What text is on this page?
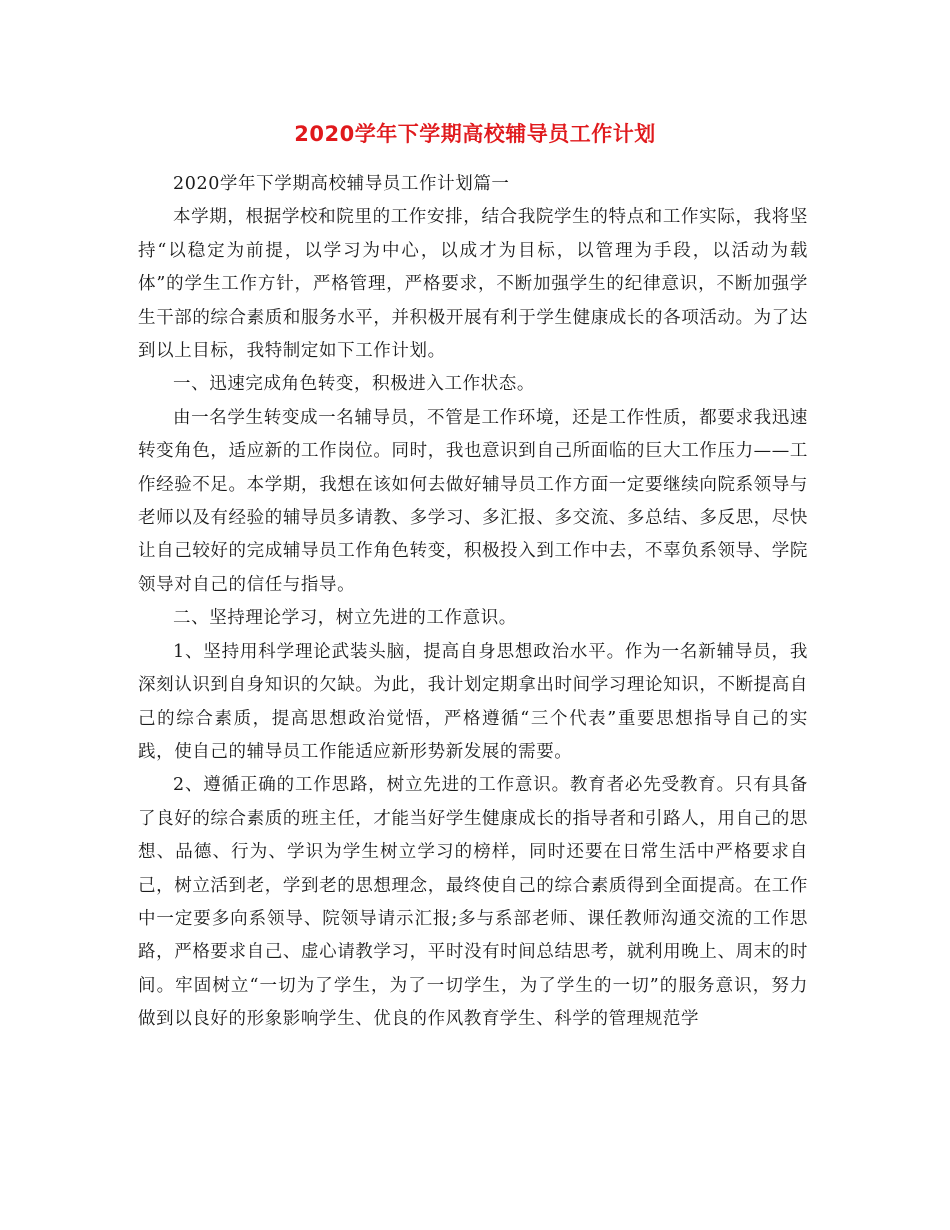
2020学年下学期高校辅导员工作计划

2020学年下学期高校辅导员工作计划篇一

本学期，根据学校和院里的工作安排，结合我院学生的特点和工作实际，我将坚持“以稳定为前提，以学习为中心，以成才为目标，以管理为手段，以活动为载体”的学生工作方针，严格管理，严格要求，不断加强学生的纪律意识，不断加强学生干部的综合素质和服务水平，并积极开展有利于学生健康成长的各项活动。为了达到以上目标，我特制定如下工作计划。

一、迅速完成角色转变，积极进入工作状态。

由一名学生转变成一名辅导员，不管是工作环境，还是工作性质，都要求我迅速转变角色，适应新的工作岗位。同时，我也意识到自己所面临的巨大工作压力——工作经验不足。本学期，我想在该如何去做好辅导员工作方面一定要继续向院系领导与老师以及有经验的辅导员多请教、多学习、多汇报、多交流、多总结、多反思，尽快让自己较好的完成辅导员工作角色转变，积极投入到工作中去，不辜负系领导、学院领导对自己的信任与指导。

二、坚持理论学习，树立先进的工作意识。

1、坚持用科学理论武装头脑，提高自身思想政治水平。作为一名新辅导员，我深刻认识到自身知识的欠缺。为此，我计划定期拿出时间学习理论知识，不断提高自己的综合素质，提高思想政治觉悟，严格遵循“三个代表”重要思想指导自己的实践，使自己的辅导员工作能适应新形势新发展的需要。

2、遵循正确的工作思路，树立先进的工作意识。教育者必先受教育。只有具备了良好的综合素质的班主任，才能当好学生健康成长的指导者和引路人，用自己的思想、品德、行为、学识为学生树立学习的榜样，同时还要在日常生活中严格要求自己，树立活到老，学到老的思想理念，最终使自己的综合素质得到全面提高。在工作中一定要多向系领导、院领导请示汇报;多与系部老师、课任教师沟通交流的工作思路，严格要求自己、虚心请教学习，平时没有时间总结思考，就利用晚上、周末的时间。牢固树立“一切为了学生，为了一切学生，为了学生的一切”的服务意识，努力做到以良好的形象影响学生、优良的作风教育学生、科学的管理规范学
